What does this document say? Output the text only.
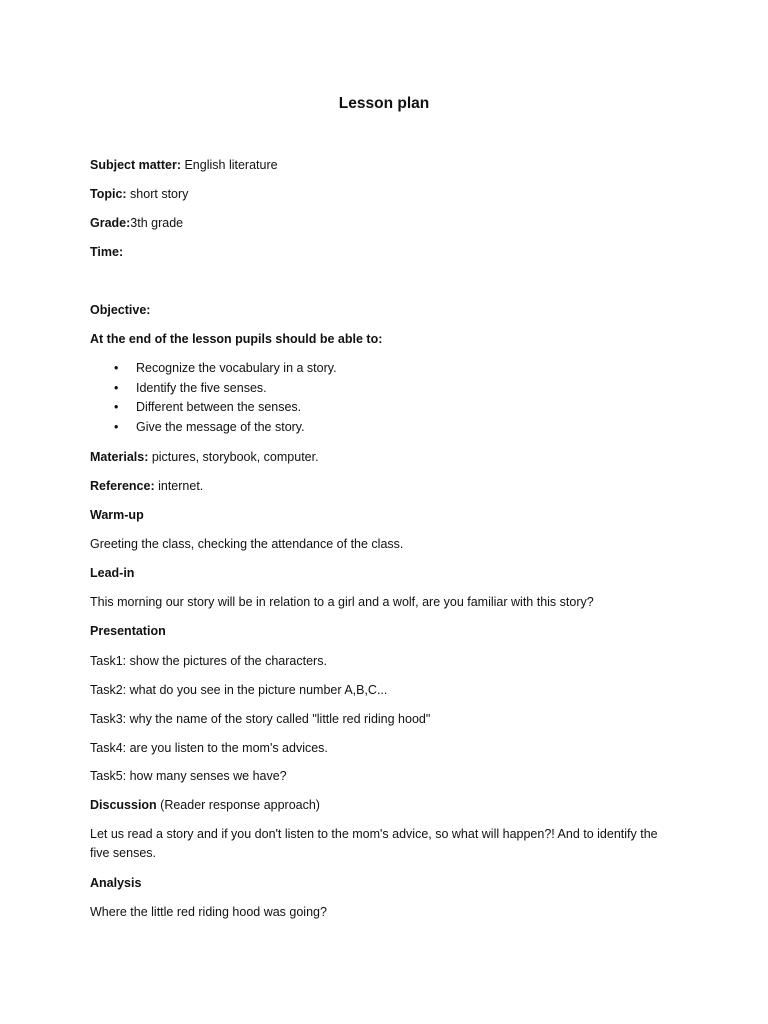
Lesson plan
Subject matter: English literature
Topic: short story
Grade:3th grade
Time:
Objective:
At the end of the lesson pupils should be able to:
• Recognize the vocabulary in a story.
• Identify the five senses.
• Different between the senses.
• Give the message of the story.
Materials: pictures, storybook, computer.
Reference: internet.
Warm-up
Greeting the class, checking the attendance of the class.
Lead-in
This morning our story will be in relation to a girl and a wolf, are you familiar with this story?
Presentation
Task1: show the pictures of the characters.
Task2: what do you see in the picture number A,B,C...
Task3: why the name of the story called "little red riding hood"
Task4: are you listen to the mom's advices.
Task5: how many senses we have?
Discussion (Reader response approach)
Let us read a story and if you don't listen to the mom's advice, so what will happen?! And to identify the five senses.
Analysis
Where the little red riding hood was going?
